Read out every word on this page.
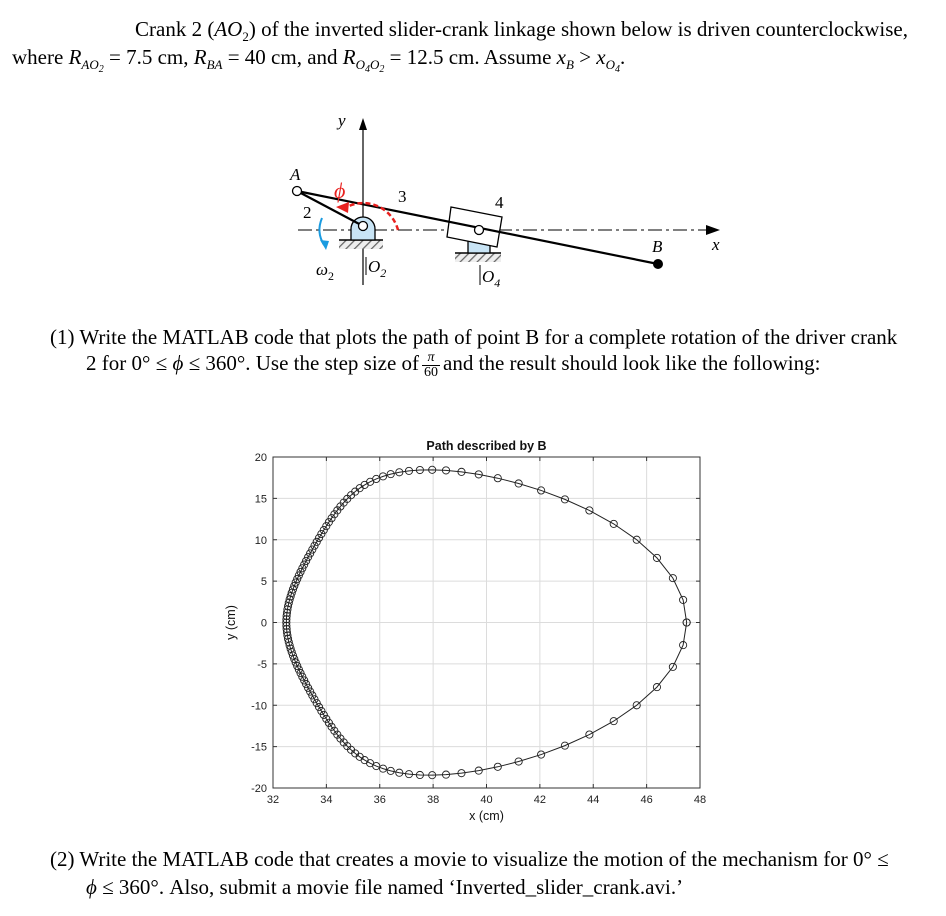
Crank 2 $(AO_2)$ of the inverted slider-crank linkage shown below is driven counterclockwise,
where $R_{AO_2} = 7.5$ cm, $R_{BA} = 40$ cm, and $R_{O_4O_2} = 12.5$ cm. Assume $x_B > x_{O_4}$.
y
x
ϕ
$\omega_2$
A
2
3	4
B
$O_2$	$O_4$
(1) Write the MATLAB code that plots the path of point B for a complete rotation of the driver crank
2 for 0° ≤ ϕ ≤ 360°. Use the step size of $\frac{\pi}{60}$ and the result should look like the following:
32	34	36	38	40	42	44	46	48
20
15
10
5
0
-5
-10
-15
-20
Path described by B
x (cm)
y (cm)
(2) Write the MATLAB code that creates a movie to visualize the motion of the mechanism for 0° ≤
ϕ ≤ 360°. Also, submit a movie file named ‘Inverted_slider_crank.avi.’
